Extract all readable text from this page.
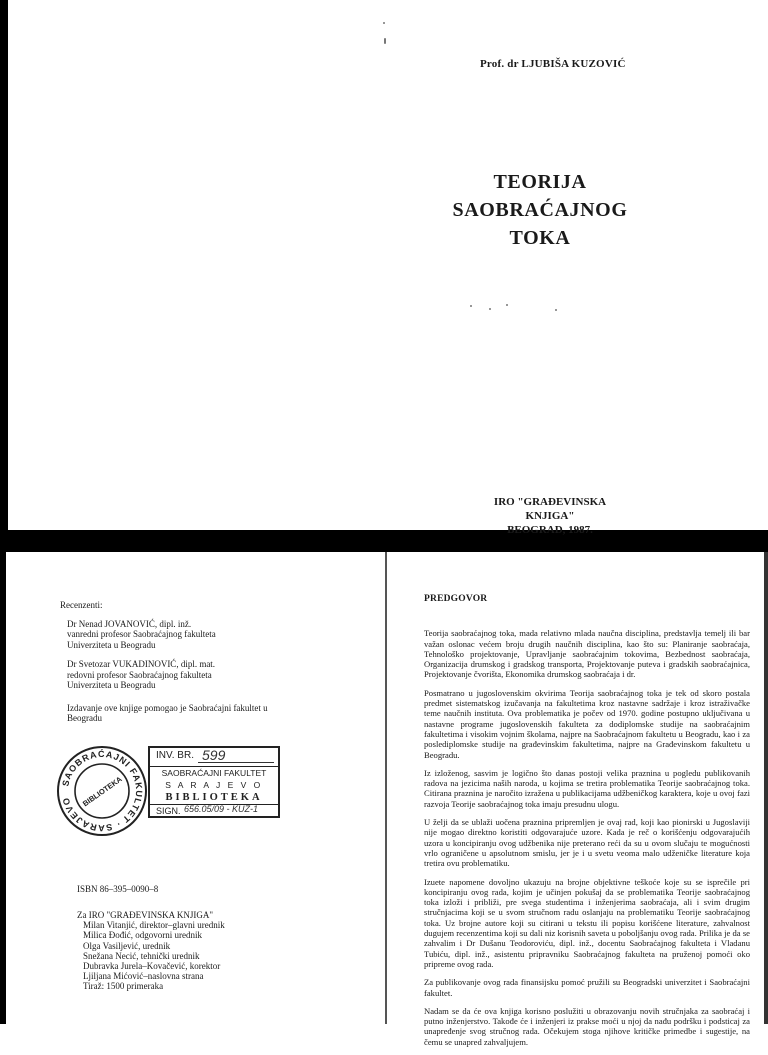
Prof. dr LJUBIŠA KUZOVIĆ
TEORIJA
SAOBRAĆAJNOG
TOKA
IRO "GRAĐEVINSKA KNJIGA"
BEOGRAD, 1987.
Recenzenti:
Dr Nenad JOVANOVIĆ, dipl. inž.
vanredni profesor Saobraćajnog fakulteta
Univerziteta u Beogradu
Dr Svetozar VUKADINOVIĆ, dipl. mat.
redovni profesor Saobraćajnog fakulteta
Univerziteta u Beogradu
Izdavanje ove knjige pomogao je Saobraćajni fakultet u
Beogradu
SAOBRAĆAJNI FAKULTET · SARAJEVO	BIBLIOTEKA
INV. BR. 599
SAOBRAĆAJNI FAKULTET
S A R A J E V O
BIBLIOTEKA
SIGN. 656.05/09 - KUZ-1
ISBN 86–395–0090–8
Za IRO "GRAĐEVINSKA KNJIGA"
Milan Vitanjić, direktor–glavni urednik
Milica Đođić, odgovorni urednik
Olga Vasiljević, urednik
Snežana Necić, tehnički urednik
Dubravka Jurela–Kovačević, korektor
Ljiljana Mićović–naslovna strana
Tiraž: 1500 primeraka
PREDGOVOR

Teorija saobraćajnog toka, mada relativno mlada naučna disciplina, predstavlja temelj ili bar važan oslonac većem broju drugih naučnih disciplina, kao što su: Planiranje saobraćaja, Tehnološko projektovanje, Upravljanje saobraćajnim tokovima, Bezbednost saobraćaja, Organizacija drumskog i gradskog transporta, Projektovanje puteva i gradskih saobraćajnica, Projektovanje čvorišta, Ekonomika drumskog saobraćaja i dr.

Posmatrano u jugoslovenskim okvirima Teorija saobraćajnog toka je tek od skoro postala predmet sistematskog izučavanja na fakultetima kroz nastavne sadržaje i kroz istraživačke teme naučnih instituta. Ova problematika je počev od 1970. godine postupno uključivana u nastavne programe jugoslovenskih fakulteta za dodiplomske studije na saobraćajnim fakultetima i visokim vojnim školama, najpre na Saobraćajnom fakultetu u Beogradu, kao i za poslediplomske studije na građevinskim fakultetima, najpre na Građevinskom fakultetu u Beogradu.

Iz izloženog, sasvim je logično što danas postoji velika praznina u pogledu publikovanih radova na jezicima naših naroda, u kojima se tretira problematika Teorije saobraćajnog toka. Citirana praznina je naročito izražena u publikacijama udžbeničkog karaktera, koje u ovoj fazi razvoja Teorije saobraćajnog toka imaju presudnu ulogu.

U želji da se ublaži uočena praznina pripremljen je ovaj rad, koji kao pionirski u Jugoslaviji nije mogao direktno koristiti odgovarajuće uzore. Kada je reč o korišćenju odgovarajućih uzora u koncipiranju ovog udžbenika nije preterano reći da su u ovom slučaju te mogućnosti vrlo ograničene u apsolutnom smislu, jer je i u svetu veoma malo udženičke literature koja tretira ovu problematiku.

Izuete napomene dovoljno ukazuju na brojne objektivne teškoće koje su se isprečile pri koncipiranju ovog rada, kojim je učinjen pokušaj da se problematika Teorije saobraćajnog toka izloži i približi, pre svega studentima i inženjerima saobraćaja, ali i svim drugim stručnjacima koji se u svom stručnom radu oslanjaju na problematiku Teorije saobraćajnog toka. Uz brojne autore koji su citirani u tekstu ili popisu korišćene literature, zahvalnost dugujem recenzentima koji su dali niz korisnih saveta u poboljšanju ovog rada. Prilika je da se zahvalim i Dr Dušanu Teodoroviću, dipl. inž., docentu Saobraćajnog fakulteta i Vladanu Tubiću, dipl. inž., asistentu pripravniku Saobraćajnog fakulteta na pruženoj pomoći oko pripreme ovog rada.

Za publikovanje ovog rada finansijsku pomoć pružili su Beogradski univerzitet i Saobraćajni fakultet.

Nadam se da će ova knjiga korisno poslužiti u obrazovanju novih stručnjaka za saobraćaj i putno inženjerstvo. Takođe će i inženjeri iz prakse moći u njoj da nađu podršku i podsticaj za unapređenje svog stručnog rada. Očekujem stoga njihove kritičke primedbe i sugestije, na čemu se unapred zahvaljujem.
